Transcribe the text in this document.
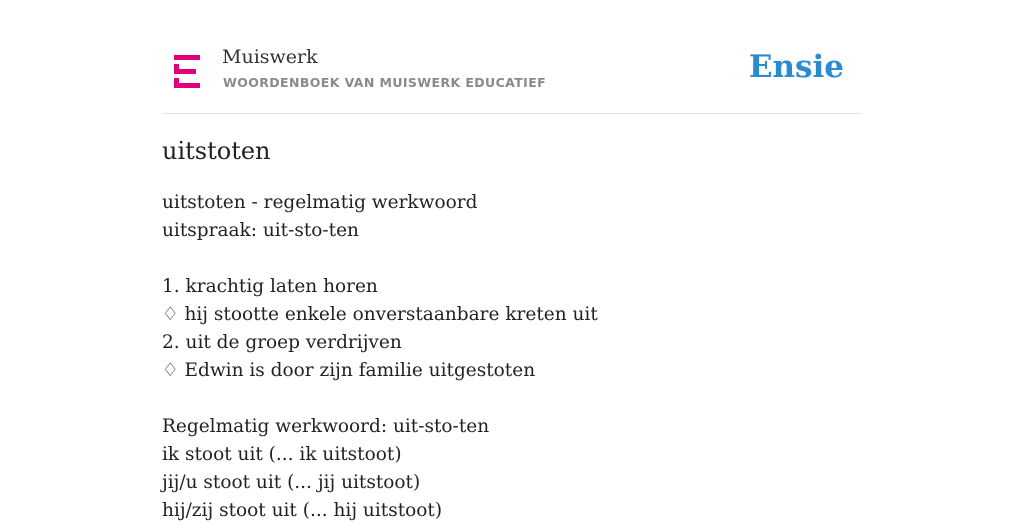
Muiswerk
WOORDENBOEK VAN MUISWERK EDUCATIEF	Ensie
uitstoten
uitstoten - regelmatig werkwoord
uitspraak: uit-sto-ten
1. krachtig laten horen
♢ hij stootte enkele onverstaanbare kreten uit
2. uit de groep verdrijven
♢ Edwin is door zijn familie uitgestoten
Regelmatig werkwoord: uit-sto-ten
ik stoot uit (... ik uitstoot)
jij/u stoot uit (... jij uitstoot)
hij/zij stoot uit (... hij uitstoot)
